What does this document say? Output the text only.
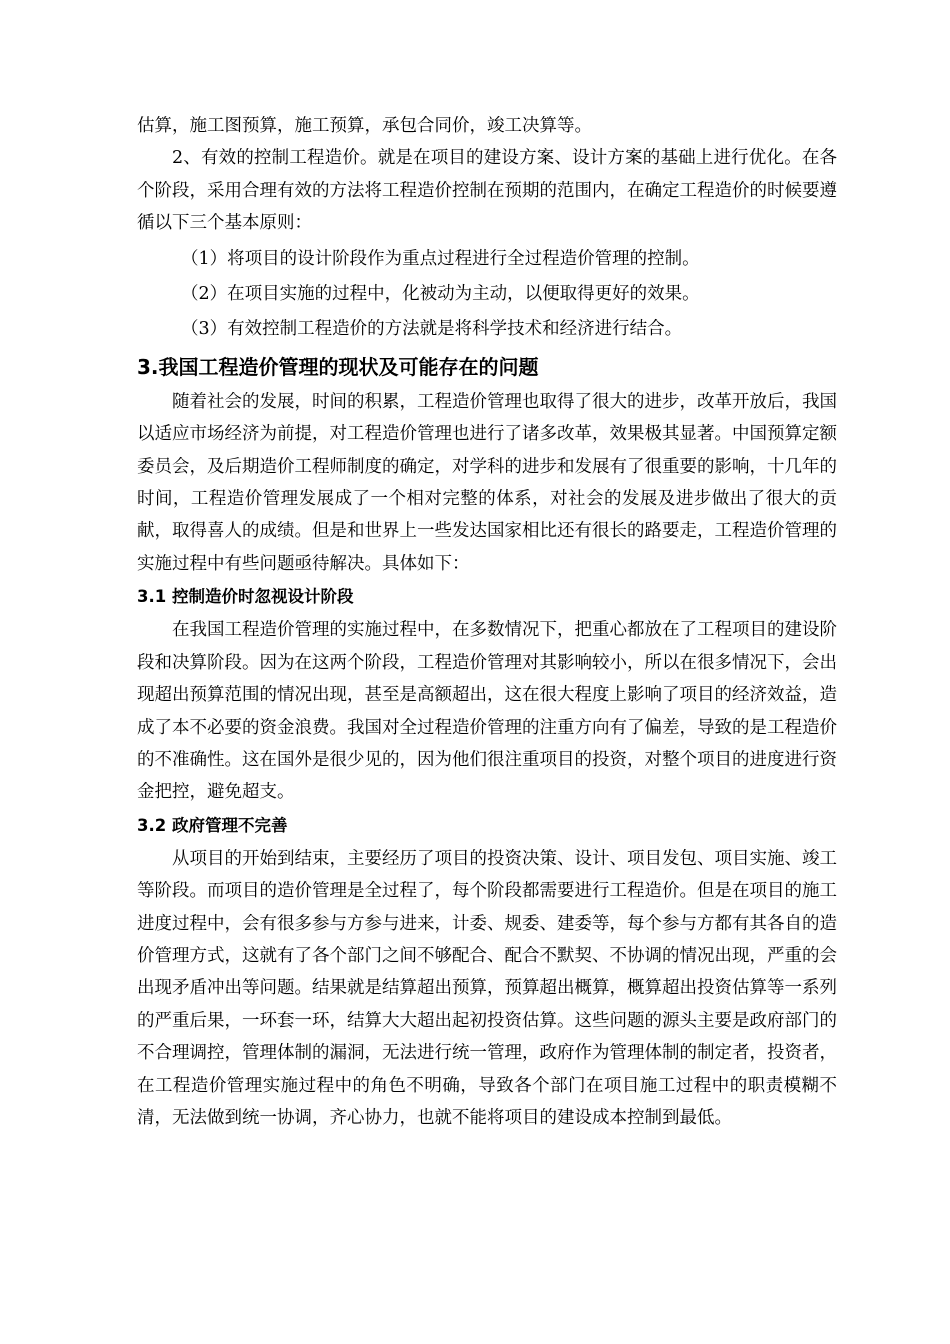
估算，施工图预算，施工预算，承包合同价，竣工决算等。

2、有效的控制工程造价。就是在项目的建设方案、设计方案的基础上进行优化。在各个阶段，采用合理有效的方法将工程造价控制在预期的范围内，在确定工程造价的时候要遵循以下三个基本原则：

（1）将项目的设计阶段作为重点过程进行全过程造价管理的控制。

（2）在项目实施的过程中，化被动为主动，以便取得更好的效果。

（3）有效控制工程造价的方法就是将科学技术和经济进行结合。

3.我国工程造价管理的现状及可能存在的问题

随着社会的发展，时间的积累，工程造价管理也取得了很大的进步，改革开放后，我国以适应市场经济为前提，对工程造价管理也进行了诸多改革，效果极其显著。中国预算定额委员会，及后期造价工程师制度的确定，对学科的进步和发展有了很重要的影响，十几年的时间，工程造价管理发展成了一个相对完整的体系，对社会的发展及进步做出了很大的贡献，取得喜人的成绩。但是和世界上一些发达国家相比还有很长的路要走，工程造价管理的实施过程中有些问题亟待解决。具体如下：

3.1 控制造价时忽视设计阶段

在我国工程造价管理的实施过程中，在多数情况下，把重心都放在了工程项目的建设阶段和决算阶段。因为在这两个阶段，工程造价管理对其影响较小，所以在很多情况下，会出现超出预算范围的情况出现，甚至是高额超出，这在很大程度上影响了项目的经济效益，造成了本不必要的资金浪费。我国对全过程造价管理的注重方向有了偏差，导致的是工程造价的不准确性。这在国外是很少见的，因为他们很注重项目的投资，对整个项目的进度进行资金把控，避免超支。

3.2 政府管理不完善

从项目的开始到结束，主要经历了项目的投资决策、设计、项目发包、项目实施、竣工等阶段。而项目的造价管理是全过程了，每个阶段都需要进行工程造价。但是在项目的施工进度过程中，会有很多参与方参与进来，计委、规委、建委等，每个参与方都有其各自的造价管理方式，这就有了各个部门之间不够配合、配合不默契、不协调的情况出现，严重的会出现矛盾冲出等问题。结果就是结算超出预算，预算超出概算，概算超出投资估算等一系列的严重后果，一环套一环，结算大大超出起初投资估算。这些问题的源头主要是政府部门的不合理调控，管理体制的漏洞，无法进行统一管理，政府作为管理体制的制定者，投资者，在工程造价管理实施过程中的角色不明确，导致各个部门在项目施工过程中的职责模糊不清，无法做到统一协调，齐心协力，也就不能将项目的建设成本控制到最低。
